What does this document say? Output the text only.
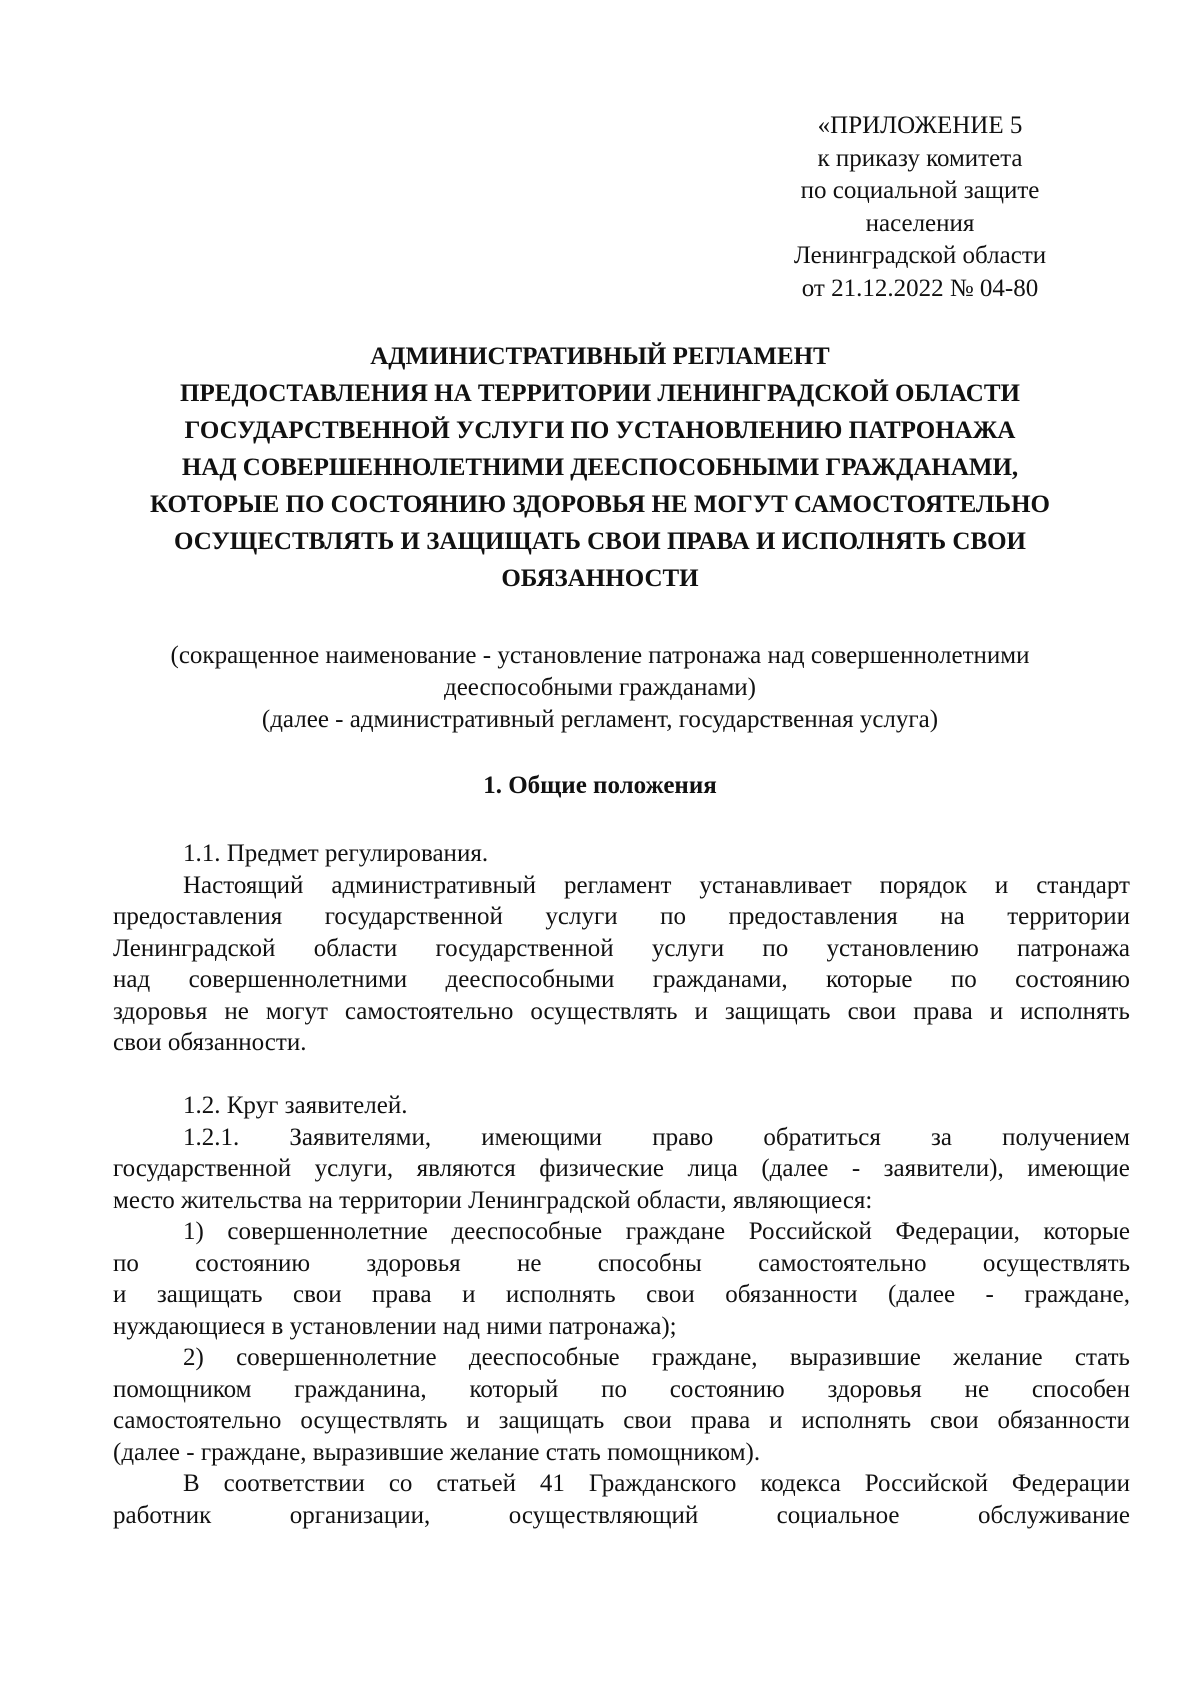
«ПРИЛОЖЕНИЕ 5
к приказу комитета
по социальной защите
населения
Ленинградской области
от 21.12.2022 № 04-80
АДМИНИСТРАТИВНЫЙ РЕГЛАМЕНТ
ПРЕДОСТАВЛЕНИЯ НА ТЕРРИТОРИИ ЛЕНИНГРАДСКОЙ ОБЛАСТИ
ГОСУДАРСТВЕННОЙ УСЛУГИ ПО УСТАНОВЛЕНИЮ ПАТРОНАЖА
НАД СОВЕРШЕННОЛЕТНИМИ ДЕЕСПОСОБНЫМИ ГРАЖДАНАМИ,
КОТОРЫЕ ПО СОСТОЯНИЮ ЗДОРОВЬЯ НЕ МОГУТ САМОСТОЯТЕЛЬНО
ОСУЩЕСТВЛЯТЬ И ЗАЩИЩАТЬ СВОИ ПРАВА И ИСПОЛНЯТЬ СВОИ
ОБЯЗАННОСТИ
(сокращенное наименование - установление патронажа над совершеннолетними
дееспособными гражданами)
(далее - административный регламент, государственная услуга)
1. Общие положения
1.1. Предмет регулирования.
Настоящий административный регламент устанавливает порядок и стандарт
предоставления государственной услуги по предоставления на территории
Ленинградской области государственной услуги по установлению патронажа
над совершеннолетними дееспособными гражданами, которые по состоянию
здоровья не могут самостоятельно осуществлять и защищать свои права и исполнять
свои обязанности.
1.2. Круг заявителей.
1.2.1. Заявителями, имеющими право обратиться за получением
государственной услуги, являются физические лица (далее - заявители), имеющие
место жительства на территории Ленинградской области, являющиеся:
1) совершеннолетние дееспособные граждане Российской Федерации, которые
по состоянию здоровья не способны самостоятельно осуществлять
и защищать свои права и исполнять свои обязанности (далее - граждане,
нуждающиеся в установлении над ними патронажа);
2) совершеннолетние дееспособные граждане, выразившие желание стать
помощником гражданина, который по состоянию здоровья не способен
самостоятельно осуществлять и защищать свои права и исполнять свои обязанности
(далее - граждане, выразившие желание стать помощником).
В соответствии со статьей 41 Гражданского кодекса Российской Федерации
работник	организации,	осуществляющий	социальное	обслуживание
